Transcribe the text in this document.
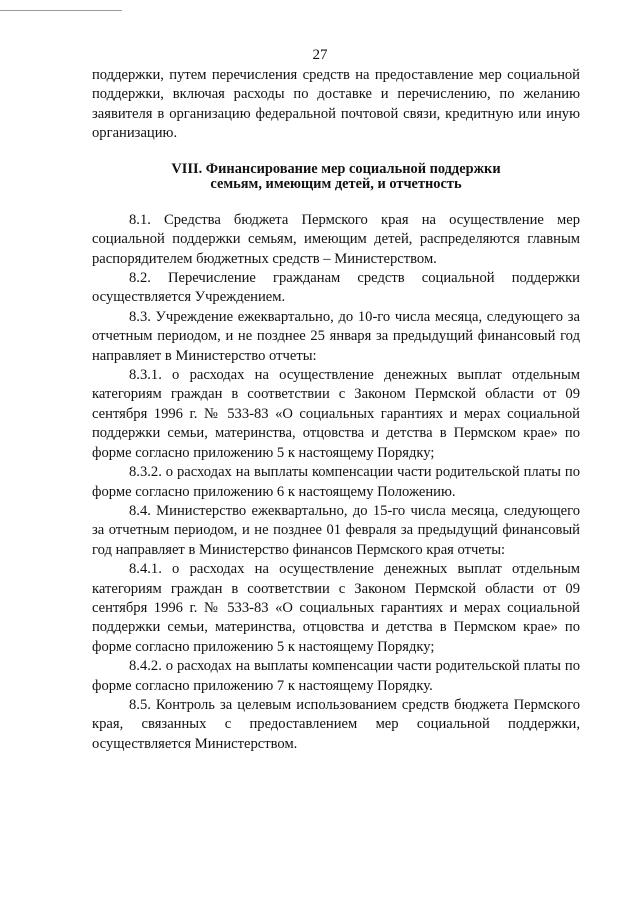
27

поддержки, путем перечисления средств на предоставление мер социальной поддержки, включая расходы по доставке и перечислению, по желанию заявителя в организацию федеральной почтовой связи, кредитную или иную организацию.

VIII. Финансирование мер социальной поддержки
семьям, имеющим детей, и отчетность

8.1. Средства бюджета Пермского края на осуществление мер социальной поддержки семьям, имеющим детей, распределяются главным распорядителем бюджетных средств – Министерством.

8.2. Перечисление гражданам средств социальной поддержки осуществляется Учреждением.

8.3. Учреждение ежеквартально, до 10-го числа месяца, следующего за отчетным периодом, и не позднее 25 января за предыдущий финансовый год направляет в Министерство отчеты:

8.3.1. о расходах на осуществление денежных выплат отдельным категориям граждан в соответствии с Законом Пермской области от 09 сентября 1996 г. № 533-83 «О социальных гарантиях и мерах социальной поддержки семьи, материнства, отцовства и детства в Пермском крае» по форме согласно приложению 5 к настоящему Порядку;

8.3.2. о расходах на выплаты компенсации части родительской платы по форме согласно приложению 6 к настоящему Положению.

8.4. Министерство ежеквартально, до 15-го числа месяца, следующего за отчетным периодом, и не позднее 01 февраля за предыдущий финансовый год направляет в Министерство финансов Пермского края отчеты:

8.4.1. о расходах на осуществление денежных выплат отдельным категориям граждан в соответствии с Законом Пермской области от 09 сентября 1996 г. № 533-83 «О социальных гарантиях и мерах социальной поддержки семьи, материнства, отцовства и детства в Пермском крае» по форме согласно приложению 5 к настоящему Порядку;

8.4.2. о расходах на выплаты компенсации части родительской платы по форме согласно приложению 7 к настоящему Порядку.

8.5. Контроль за целевым использованием средств бюджета Пермского края, связанных с предоставлением мер социальной поддержки, осуществляется Министерством.
